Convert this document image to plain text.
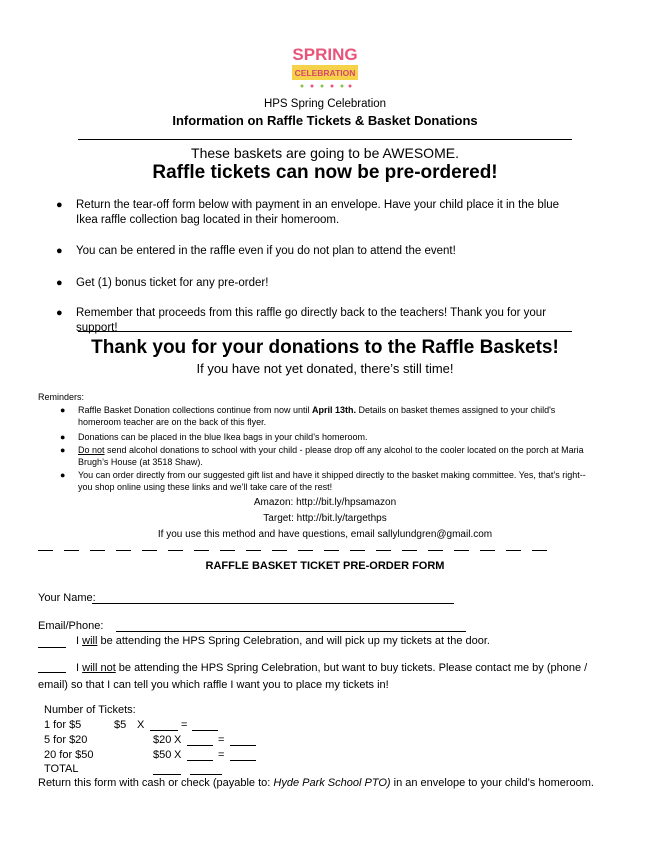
SPRING
CELEBRATION
HPS Spring Celebration
Information on Raffle Tickets & Basket Donations
These baskets are going to be AWESOME.
Raffle tickets can now be pre-ordered!
● Return the tear-off form below with payment in an envelope. Have your child place it in the blue Ikea raffle collection bag located in their homeroom.
● You can be entered in the raffle even if you do not plan to attend the event!
● Get (1) bonus ticket for any pre-order!
● Remember that proceeds from this raffle go directly back to the teachers! Thank you for your support!
Thank you for your donations to the Raffle Baskets!
If you have not yet donated, there’s still time!
Reminders:
● Raffle Basket Donation collections continue from now until April 13th. Details on basket themes assigned to your child's homeroom teacher are on the back of this flyer.
● Donations can be placed in the blue Ikea bags in your child’s homeroom.
● Do not send alcohol donations to school with your child - please drop off any alcohol to the cooler located on the porch at Maria Brugh’s House (at 3518 Shaw).
● You can order directly from our suggested gift list and have it shipped directly to the basket making committee. Yes, that’s right-- you shop online using these links and we’ll take care of the rest!
Amazon: http://bit.ly/hpsamazon
Target: http://bit.ly/targethps
If you use this method and have questions, email sallylundgren@gmail.com
RAFFLE BASKET TICKET PRE-ORDER FORM
Your Name:
Email/Phone:
I will be attending the HPS Spring Celebration, and will pick up my tickets at the door.
I will not be attending the HPS Spring Celebration, but want to buy tickets. Please contact me by (phone / email) so that I can tell you which raffle I want you to place my tickets in!
Number of Tickets:
1 for $5	$5 X	=
5 for $20	$20 X	=
20 for $50	$50 X	=
TOTAL
Return this form with cash or check (payable to: Hyde Park School PTO) in an envelope to your child’s homeroom.
